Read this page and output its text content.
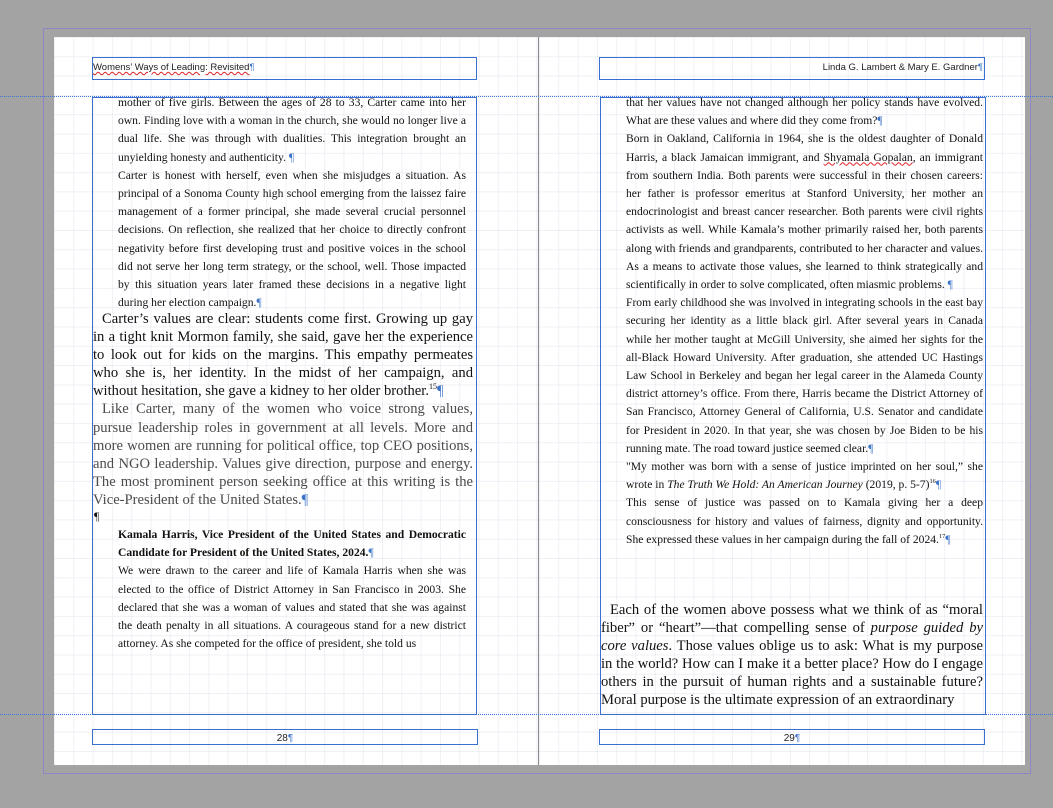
Womens’ Ways of Leading: Revisited¶	Linda G. Lambert & Mary E. Gardner¶

mother of five girls. Between the ages of 28 to 33, Carter came into her own. Finding love with a woman in the church, she would no longer live a dual life. She was through with dualities. This integration brought an unyielding honesty and authenticity. ¶

Carter is honest with herself, even when she misjudges a situation. As principal of a Sonoma County high school emerging from the laissez faire management of a former principal, she made several crucial personnel decisions. On reflection, she realized that her choice to directly confront negativity before first developing trust and positive voices in the school did not serve her long term strategy, or the school, well. Those impacted by this situation years later framed these decisions in a negative light during her election campaign.¶

Carter’s values are clear: students come first. Growing up gay in a tight knit Mormon family, she said, gave her the experience to look out for kids on the margins. This empathy permeates who she is, her identity. In the midst of her campaign, and without hesitation, she gave a kidney to her older brother.$^{15}$¶

Like Carter, many of the women who voice strong values, pursue leadership roles in government at all levels. More and more women are running for political office, top CEO positions, and NGO leadership. Values give direction, purpose and energy. The most prominent person seeking office at this writing is the Vice-President of the United States.¶

¶

Kamala Harris, Vice President of the United States and Democratic Candidate for President of the United States, 2024.¶

We were drawn to the career and life of Kamala Harris when she was elected to the office of District Attorney in San Francisco in 2003. She declared that she was a woman of values and stated that she was against the death penalty in all situations. A courageous stand for a new district attorney. As she competed for the office of president, she told us

that her values have not changed although her policy stands have evolved. What are these values and where did they come from?¶

Born in Oakland, California in 1964, she is the oldest daughter of Donald Harris, a black Jamaican immigrant, and Shyamala Gopalan, an immigrant from southern India. Both parents were successful in their chosen careers: her father is professor emeritus at Stanford University, her mother an endocrinologist and breast cancer researcher. Both parents were civil rights activists as well. While Kamala’s mother primarily raised her, both parents along with friends and grandparents, contributed to her character and values. As a means to activate those values, she learned to think strategically and scientifically in order to solve complicated, often miasmic problems. ¶

From early childhood she was involved in integrating schools in the east bay securing her identity as a little black girl. After several years in Canada while her mother taught at McGill University, she aimed her sights for the all-Black Howard University. After graduation, she attended UC Hastings Law School in Berkeley and began her legal career in the Alameda County district attorney’s office. From there, Harris became the District Attorney of San Francisco, Attorney General of California, U.S. Senator and candidate for President in 2020. In that year, she was chosen by Joe Biden to be his running mate. The road toward justice seemed clear.¶

"My mother was born with a sense of justice imprinted on her soul,” she wrote in The Truth We Hold: An American Journey (2019, p. 5-7)$^{16}$¶

This sense of justice was passed on to Kamala giving her a deep consciousness for history and values of fairness, dignity and opportunity. She expressed these values in her campaign during the fall of 2024.17¶

Each of the women above possess what we think of as “moral fiber” or “heart”—that compelling sense of purpose guided by core values. Those values oblige us to ask: What is my purpose in the world? How can I make it a better place? How do I engage others in the pursuit of human rights and a sustainable future? Moral purpose is the ultimate expression of an extraordinary

28¶	29¶
